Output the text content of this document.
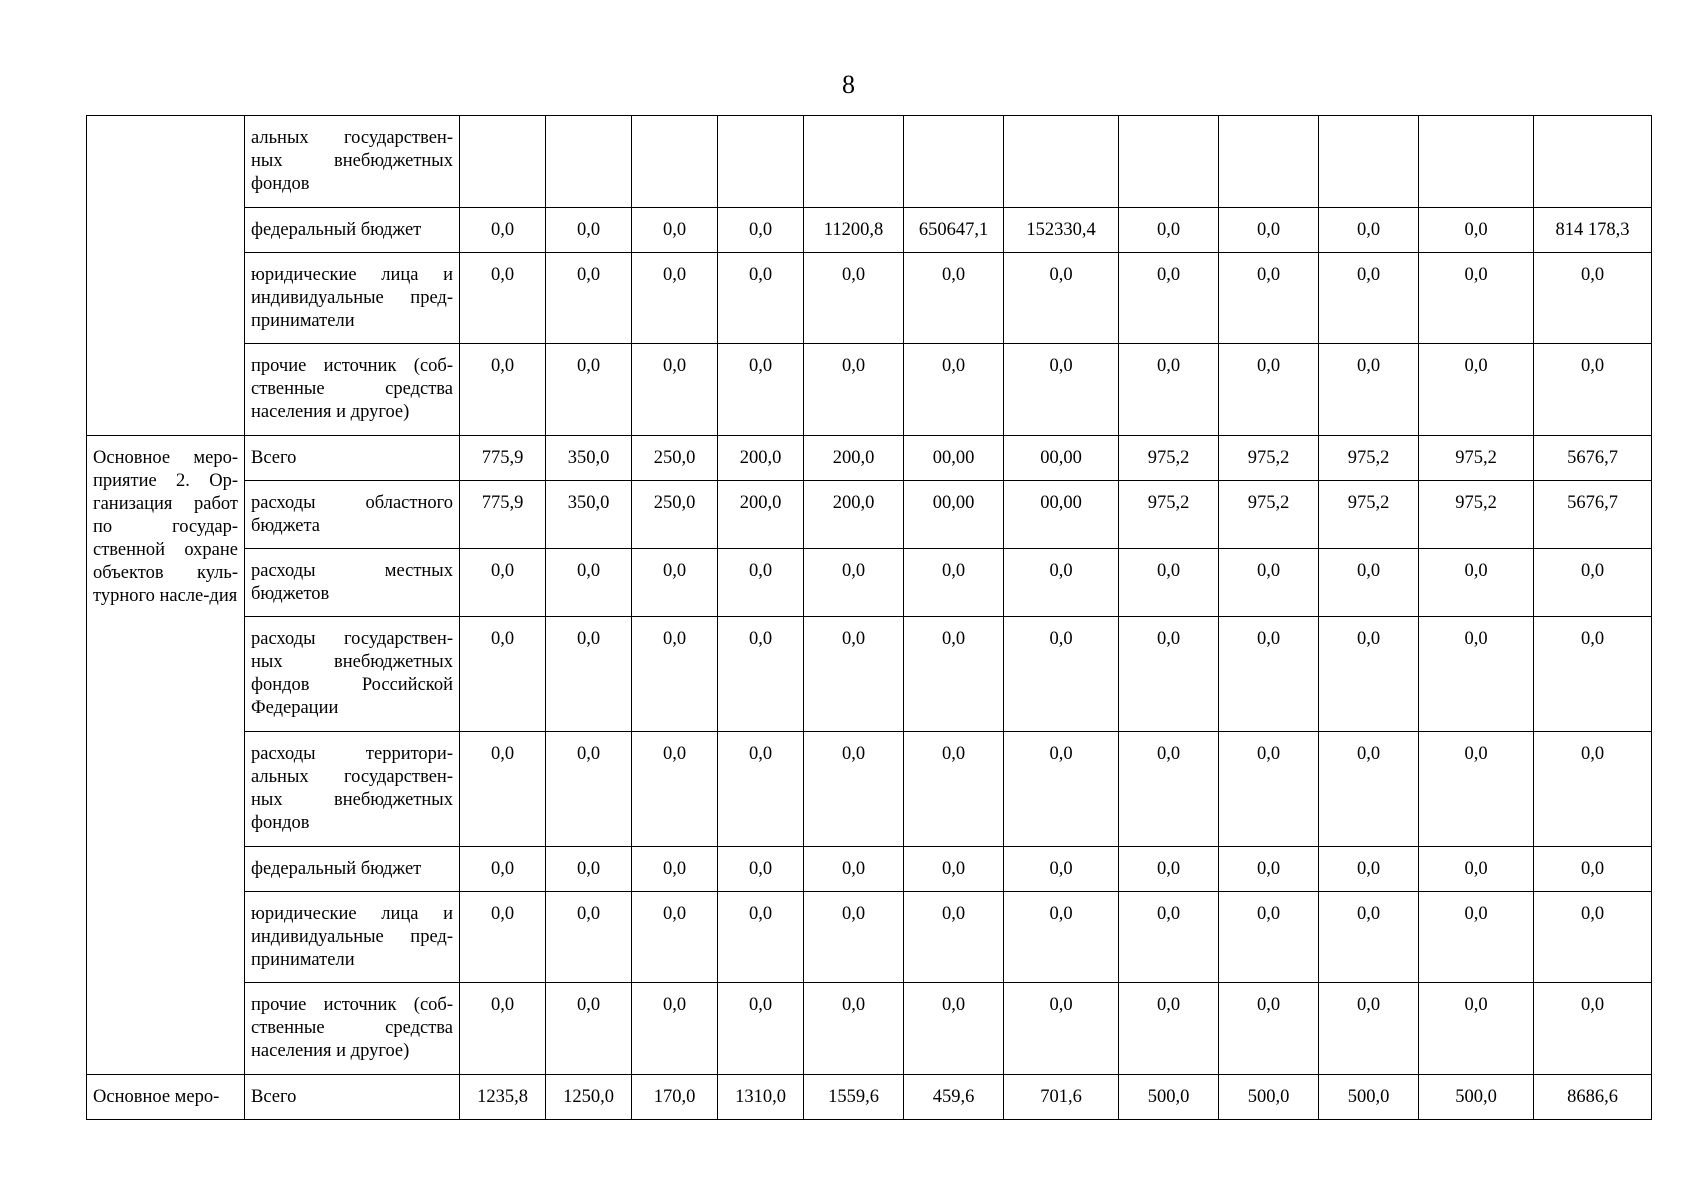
8
	альных государствен-ных внебюджетных фондов												
	федеральный бюджет	0,0	0,0	0,0	0,0	11200,8	650647,1	152330,4	0,0	0,0	0,0	0,0	814 178,3
	юридические лица и индивидуальные пред-приниматели	0,0	0,0	0,0	0,0	0,0	0,0	0,0	0,0	0,0	0,0	0,0	0,0
	прочие источник (соб-ственные средства населения и другое)	0,0	0,0	0,0	0,0	0,0	0,0	0,0	0,0	0,0	0,0	0,0	0,0

Основное меро-приятие 2. Ор-ганизация работ по государ-ственной охране объектов куль-турного насле-дия	Всего	775,9	350,0	250,0	200,0	200,0	00,00	00,00	975,2	975,2	975,2	975,2	5676,7
	расходы областного бюджета	775,9	350,0	250,0	200,0	200,0	00,00	00,00	975,2	975,2	975,2	975,2	5676,7
	расходы местных бюджетов	0,0	0,0	0,0	0,0	0,0	0,0	0,0	0,0	0,0	0,0	0,0	0,0
	расходы государствен-ных внебюджетных фондов Российской Федерации	0,0	0,0	0,0	0,0	0,0	0,0	0,0	0,0	0,0	0,0	0,0	0,0
	расходы территори-альных государствен-ных внебюджетных фондов	0,0	0,0	0,0	0,0	0,0	0,0	0,0	0,0	0,0	0,0	0,0	0,0
	федеральный бюджет	0,0	0,0	0,0	0,0	0,0	0,0	0,0	0,0	0,0	0,0	0,0	0,0
	юридические лица и индивидуальные пред-приниматели	0,0	0,0	0,0	0,0	0,0	0,0	0,0	0,0	0,0	0,0	0,0	0,0
	прочие источник (соб-ственные средства населения и другое)	0,0	0,0	0,0	0,0	0,0	0,0	0,0	0,0	0,0	0,0	0,0	0,0

Основное меро-	Всего	1235,8	1250,0	170,0	1310,0	1559,6	459,6	701,6	500,0	500,0	500,0	500,0	8686,6
